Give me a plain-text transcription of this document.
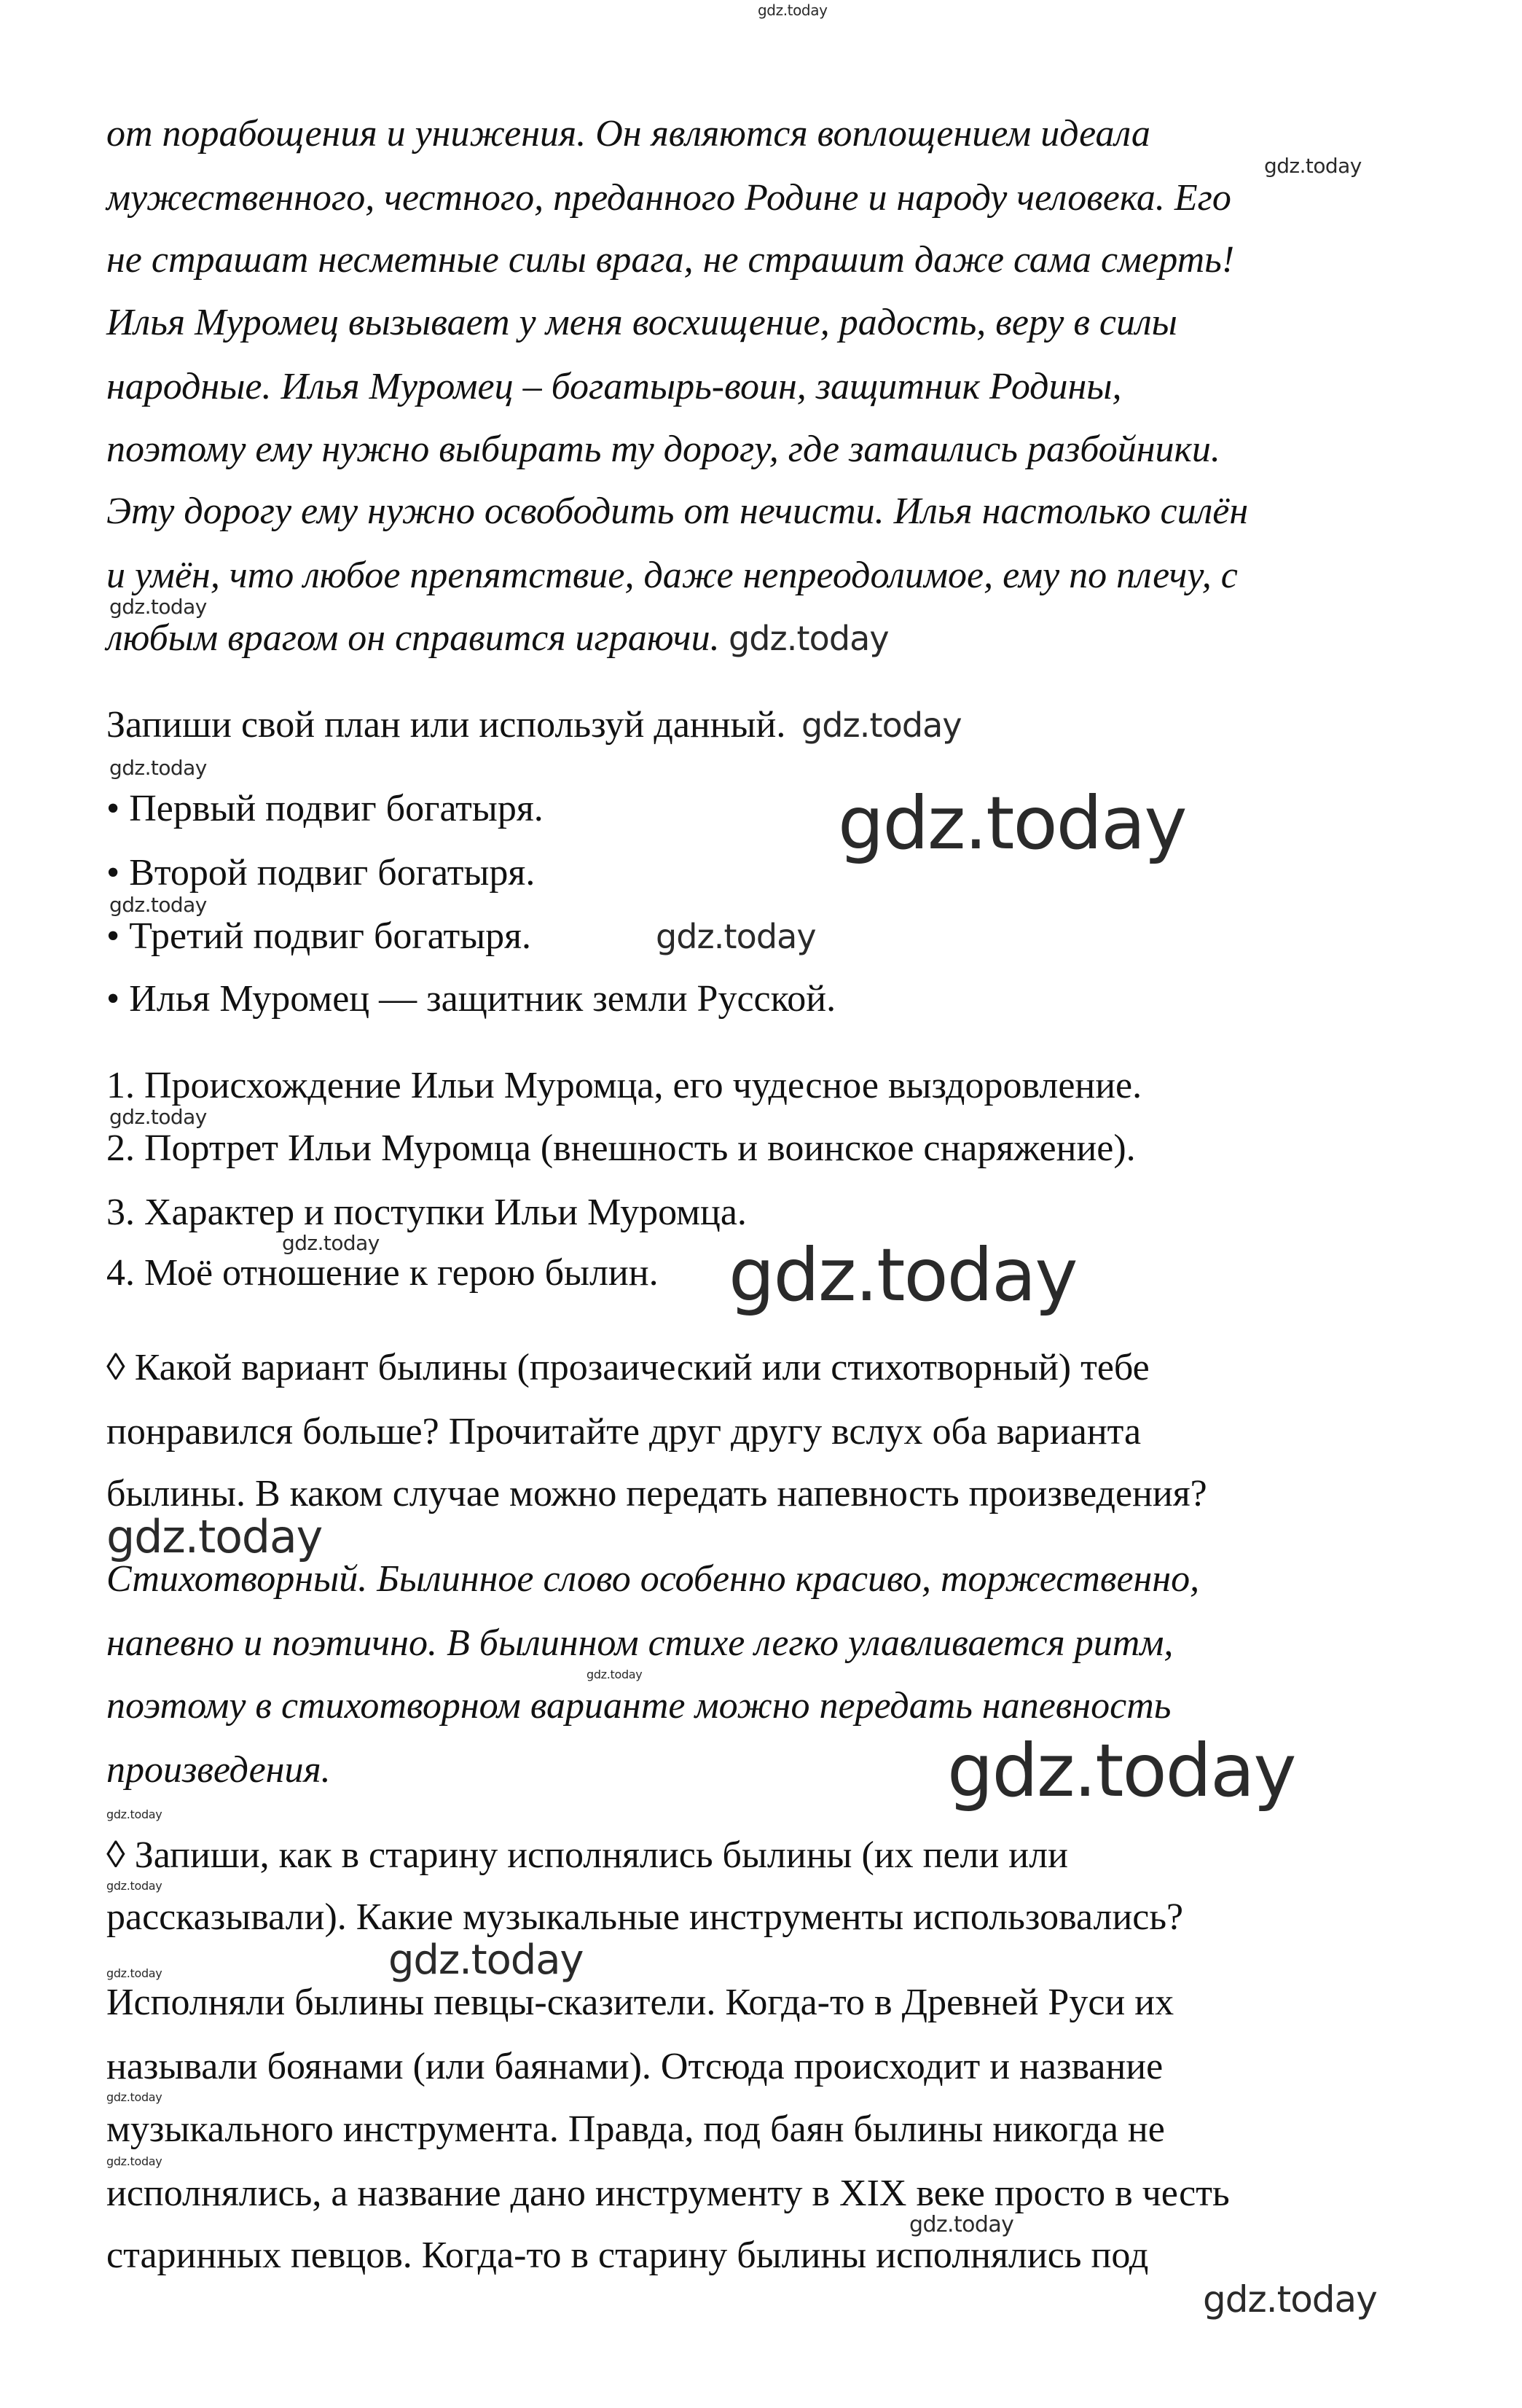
от порабощения и унижения. Он являются воплощением идеала
мужественного, честного, преданного Родине и народу человека. Его
не страшат несметные силы врага, не страшит даже сама смерть!
Илья Муромец вызывает у меня восхищение, радость, веру в силы
народные. Илья Муромец – богатырь-воин, защитник Родины,
поэтому ему нужно выбирать ту дорогу, где затаились разбойники.
Эту дорогу ему нужно освободить от нечисти. Илья настолько силён
и умён, что любое препятствие, даже непреодолимое, ему по плечу, с
любым врагом он справится играючи.
Запиши свой план или используй данный.
• Первый подвиг богатыря.
• Второй подвиг богатыря.
• Третий подвиг богатыря.
• Илья Муромец — защитник земли Русской.
1. Происхождение Ильи Муромца, его чудесное выздоровление.
2. Портрет Ильи Муромца (внешность и воинское снаряжение).
3. Характер и поступки Ильи Муромца.
4. Моё отношение к герою былин.
◊ Какой вариант былины (прозаический или стихотворный) тебе
понравился больше? Прочитайте друг другу вслух оба варианта
былины. В каком случае можно передать напевность произведения?
Стихотворный. Былинное слово особенно красиво, торжественно,
напевно и поэтично. В былинном стихе легко улавливается ритм,
поэтому в стихотворном варианте можно передать напевность
произведения.
◊ Запиши, как в старину исполнялись былины (их пели или
рассказывали). Какие музыкальные инструменты использовались?
Исполняли былины певцы-сказители. Когда-то в Древней Руси их
называли боянами (или баянами). Отсюда происходит и название
музыкального инструмента. Правда, под баян былины никогда не
исполнялись, а название дано инструменту в XIX веке просто в честь
старинных певцов. Когда-то в старину былины исполнялись под
gdz.today
gdz.today
gdz.today
gdz.today
gdz.today
gdz.today
gdz.today
gdz.today
gdz.today
gdz.today
gdz.today	gdz.today
gdz.today
gdz.today
gdz.today
gdz.today
gdz.today
gdz.today
gdz.today
gdz.today
gdz.today
gdz.today
gdz.today
